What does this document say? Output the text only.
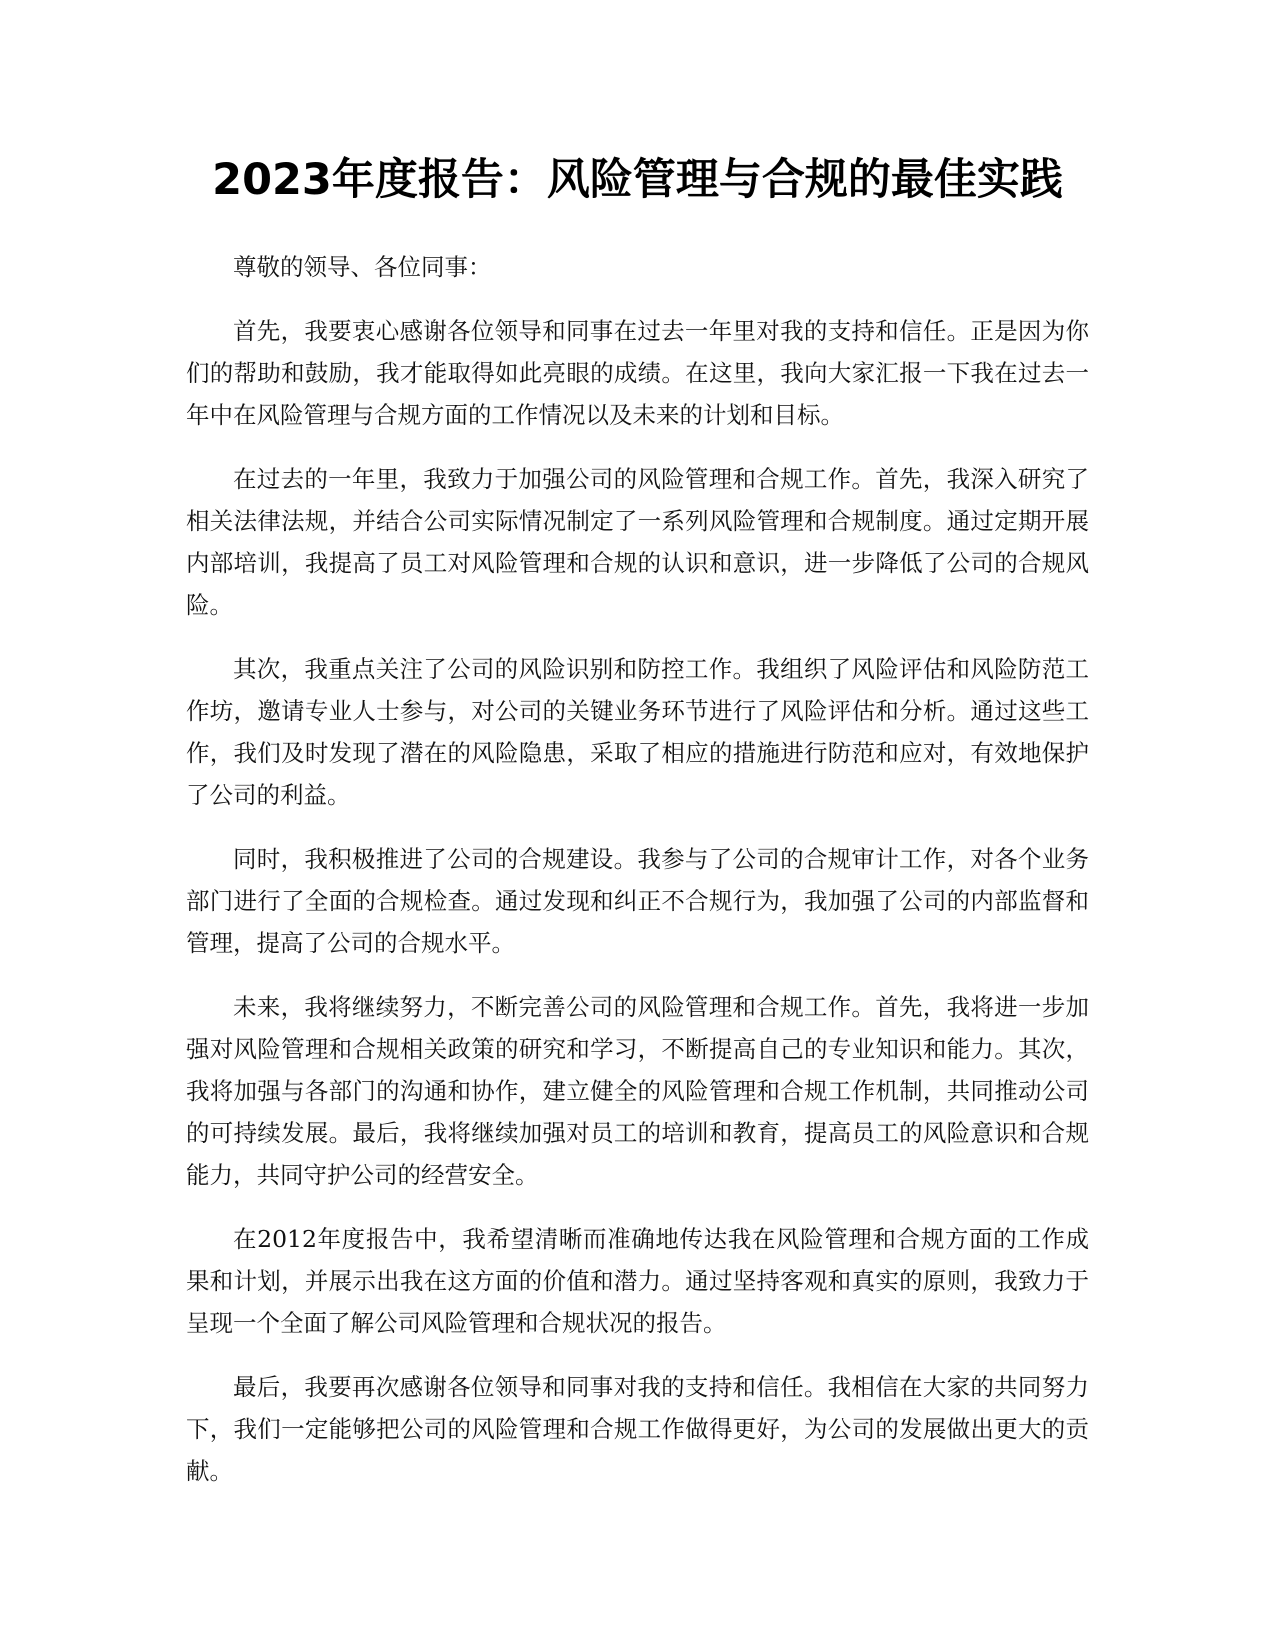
2023年度报告：风险管理与合规的最佳实践

尊敬的领导、各位同事：

首先，我要衷心感谢各位领导和同事在过去一年里对我的支持和信任。正是因为你们的帮助和鼓励，我才能取得如此亮眼的成绩。在这里，我向大家汇报一下我在过去一年中在风险管理与合规方面的工作情况以及未来的计划和目标。

在过去的一年里，我致力于加强公司的风险管理和合规工作。首先，我深入研究了相关法律法规，并结合公司实际情况制定了一系列风险管理和合规制度。通过定期开展内部培训，我提高了员工对风险管理和合规的认识和意识，进一步降低了公司的合规风险。

其次，我重点关注了公司的风险识别和防控工作。我组织了风险评估和风险防范工作坊，邀请专业人士参与，对公司的关键业务环节进行了风险评估和分析。通过这些工作，我们及时发现了潜在的风险隐患，采取了相应的措施进行防范和应对，有效地保护了公司的利益。

同时，我积极推进了公司的合规建设。我参与了公司的合规审计工作，对各个业务部门进行了全面的合规检查。通过发现和纠正不合规行为，我加强了公司的内部监督和管理，提高了公司的合规水平。

未来，我将继续努力，不断完善公司的风险管理和合规工作。首先，我将进一步加强对风险管理和合规相关政策的研究和学习，不断提高自己的专业知识和能力。其次，我将加强与各部门的沟通和协作，建立健全的风险管理和合规工作机制，共同推动公司的可持续发展。最后，我将继续加强对员工的培训和教育，提高员工的风险意识和合规能力，共同守护公司的经营安全。

在2012年度报告中，我希望清晰而准确地传达我在风险管理和合规方面的工作成果和计划，并展示出我在这方面的价值和潜力。通过坚持客观和真实的原则，我致力于呈现一个全面了解公司风险管理和合规状况的报告。

最后，我要再次感谢各位领导和同事对我的支持和信任。我相信在大家的共同努力下，我们一定能够把公司的风险管理和合规工作做得更好，为公司的发展做出更大的贡献。
